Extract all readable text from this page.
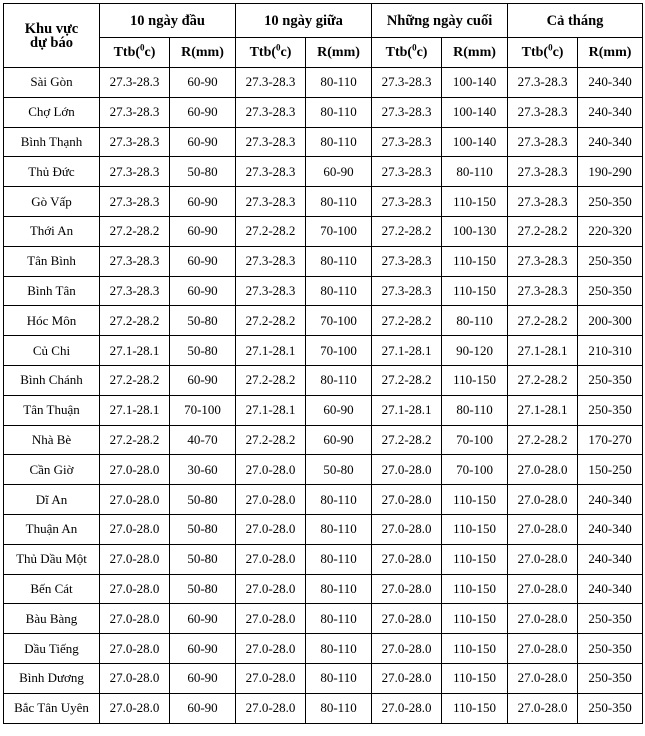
Khu vực
dự báo	10 ngày đầu		10 ngày giữa		Những ngày cuối		Cả tháng	
	Ttb($^0$c)	R(mm)	Ttb($^0$c)	R(mm)	Ttb($^0$c)	R(mm)	Ttb($^0$c)	R(mm)
Sài Gòn	27.3-28.3	60-90	27.3-28.3	80-110	27.3-28.3	100-140	27.3-28.3	240-340
Chợ Lớn	27.3-28.3	60-90	27.3-28.3	80-110	27.3-28.3	100-140	27.3-28.3	240-340
Bình Thạnh	27.3-28.3	60-90	27.3-28.3	80-110	27.3-28.3	100-140	27.3-28.3	240-340
Thủ Đức	27.3-28.3	50-80	27.3-28.3	60-90	27.3-28.3	80-110	27.3-28.3	190-290
Gò Vấp	27.3-28.3	60-90	27.3-28.3	80-110	27.3-28.3	110-150	27.3-28.3	250-350
Thới An	27.2-28.2	60-90	27.2-28.2	70-100	27.2-28.2	100-130	27.2-28.2	220-320
Tân Bình	27.3-28.3	60-90	27.3-28.3	80-110	27.3-28.3	110-150	27.3-28.3	250-350
Bình Tân	27.3-28.3	60-90	27.3-28.3	80-110	27.3-28.3	110-150	27.3-28.3	250-350
Hóc Môn	27.2-28.2	50-80	27.2-28.2	70-100	27.2-28.2	80-110	27.2-28.2	200-300
Củ Chi	27.1-28.1	50-80	27.1-28.1	70-100	27.1-28.1	90-120	27.1-28.1	210-310
Bình Chánh	27.2-28.2	60-90	27.2-28.2	80-110	27.2-28.2	110-150	27.2-28.2	250-350
Tân Thuận	27.1-28.1	70-100	27.1-28.1	60-90	27.1-28.1	80-110	27.1-28.1	250-350
Nhà Bè	27.2-28.2	40-70	27.2-28.2	60-90	27.2-28.2	70-100	27.2-28.2	170-270
Cần Giờ	27.0-28.0	30-60	27.0-28.0	50-80	27.0-28.0	70-100	27.0-28.0	150-250
Dĩ An	27.0-28.0	50-80	27.0-28.0	80-110	27.0-28.0	110-150	27.0-28.0	240-340
Thuận An	27.0-28.0	50-80	27.0-28.0	80-110	27.0-28.0	110-150	27.0-28.0	240-340
Thủ Dầu Một	27.0-28.0	50-80	27.0-28.0	80-110	27.0-28.0	110-150	27.0-28.0	240-340
Bến Cát	27.0-28.0	50-80	27.0-28.0	80-110	27.0-28.0	110-150	27.0-28.0	240-340
Bàu Bàng	27.0-28.0	60-90	27.0-28.0	80-110	27.0-28.0	110-150	27.0-28.0	250-350
Dầu Tiếng	27.0-28.0	60-90	27.0-28.0	80-110	27.0-28.0	110-150	27.0-28.0	250-350
Bình Dương	27.0-28.0	60-90	27.0-28.0	80-110	27.0-28.0	110-150	27.0-28.0	250-350
Bắc Tân Uyên	27.0-28.0	60-90	27.0-28.0	80-110	27.0-28.0	110-150	27.0-28.0	250-350
